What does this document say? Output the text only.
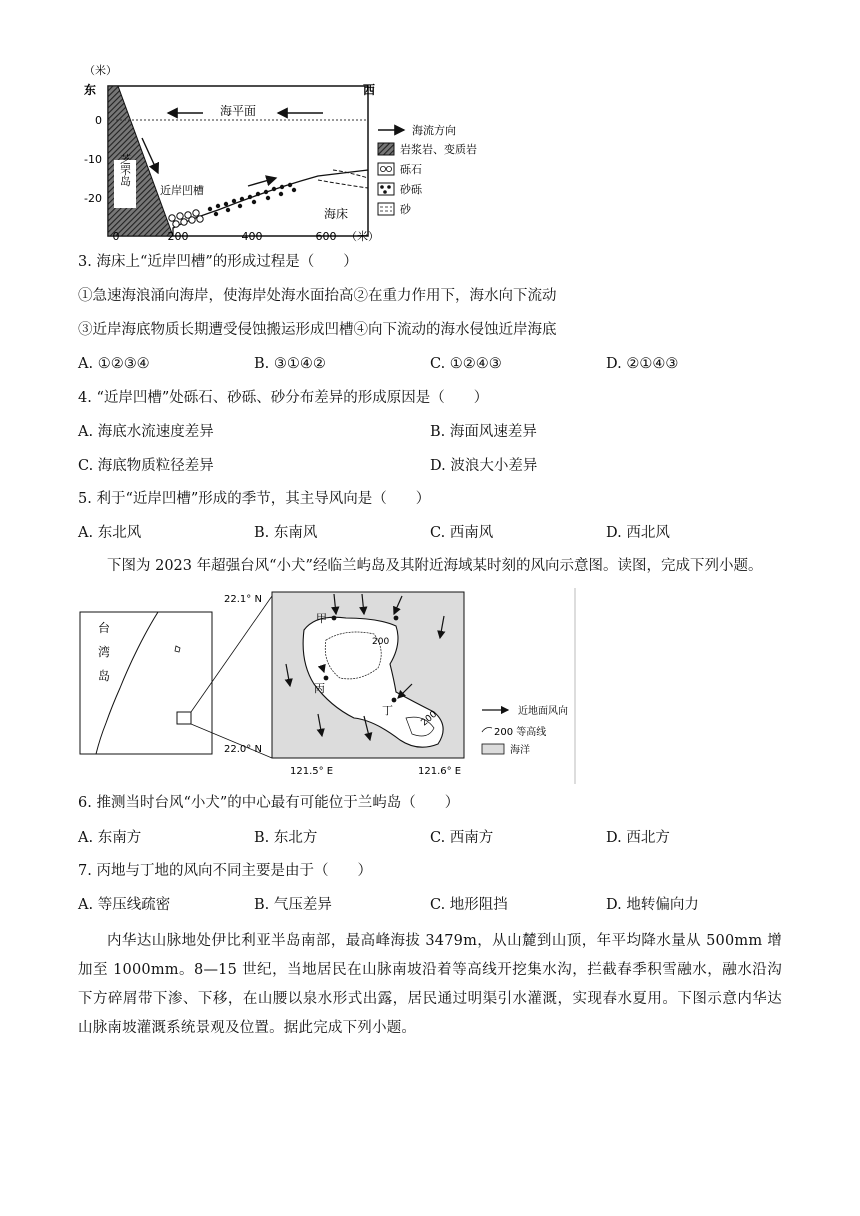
芝罘岛
海平面
近岸凹槽
海床
（米）
东	西
0
-10
-20
0	200	400	600 （米）
海流方向
岩浆岩、变质岩
砾石
砂砾
砂
3. 海床上“近岸凹槽”的形成过程是（　　）
①急速海浪涌向海岸，使海岸处海水面抬高②在重力作用下，海水向下流动
③近岸海底物质长期遭受侵蚀搬运形成凹槽④向下流动的海水侵蚀近岸海底
A. ①②③④	B. ③①④②	C. ①②④③	D. ②①④③
4. “近岸凹槽”处砾石、砂砾、砂分布差异的形成原因是（　　）
A. 海底水流速度差异	B. 海面风速差异
C. 海底物质粒径差异	D. 波浪大小差异
5. 利于“近岸凹槽”形成的季节，其主导风向是（　　）
A. 东北风	B. 东南风	C. 西南风	D. 西北风
下图为 2023 年超强台风“小犬”经临兰屿岛及其附近海域某时刻的风向示意图。读图，完成下列小题。
台
湾
岛
200
200
甲
丙
丁
22.1° N
22.0° N
121.5° E	121.6° E
近地面风向
200 等高线
海洋
6. 推测当时台风“小犬”的中心最有可能位于兰屿岛（　　）
A. 东南方	B. 东北方	C. 西南方	D. 西北方
7. 丙地与丁地的风向不同主要是由于（　　）
A. 等压线疏密	B. 气压差异	C. 地形阻挡	D. 地转偏向力
内华达山脉地处伊比利亚半岛南部，最高峰海拔 3479m，从山麓到山顶，年平均降水量从 500mm 增加至 1000mm。8—15 世纪，当地居民在山脉南坡沿着等高线开挖集水沟，拦截春季积雪融水，融水沿沟下方碎屑带下渗、下移，在山腰以泉水形式出露，居民通过明渠引水灌溉，实现春水夏用。下图示意内华达山脉南坡灌溉系统景观及位置。据此完成下列小题。
